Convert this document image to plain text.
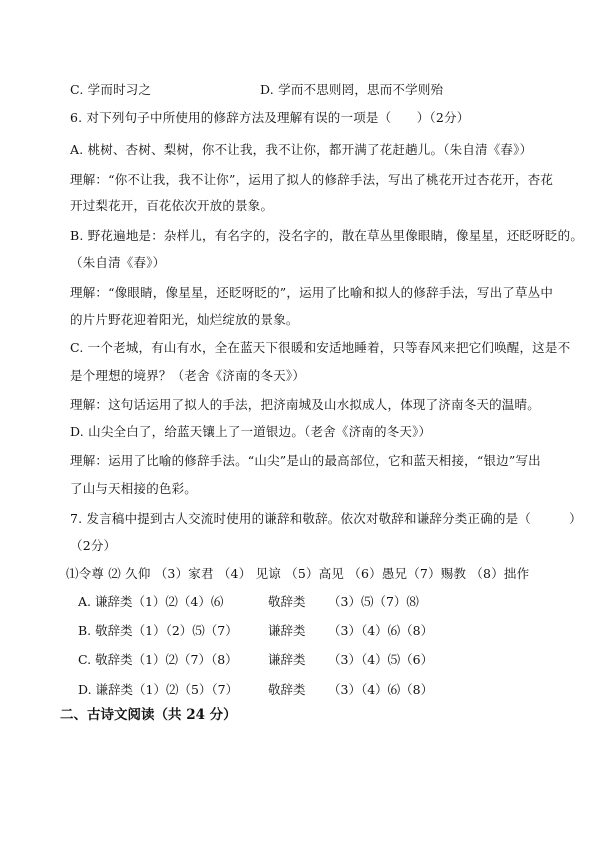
C. 学而时习之	D. 学而不思则罔，思而不学则殆
6. 对下列句子中所使用的修辞方法及理解有误的一项是（　　）（2分）
A. 桃树、杏树、梨树，你不让我，我不让你，都开满了花赶趟儿。（朱自清《春》）
理解：“你不让我，我不让你”，运用了拟人的修辞手法，写出了桃花开过杏花开，杏花
开过梨花开，百花依次开放的景象。
B. 野花遍地是：杂样儿，有名字的，没名字的，散在草丛里像眼睛，像星星，还眨呀眨的。
（朱自清《春》）
理解：“像眼睛，像星星，还眨呀眨的”，运用了比喻和拟人的修辞手法，写出了草丛中
的片片野花迎着阳光，灿烂绽放的景象。
C. 一个老城，有山有水，全在蓝天下很暖和安适地睡着，只等春风来把它们唤醒，这是不
是个理想的境界？（老舍《济南的冬天》）
理解：这句话运用了拟人的手法，把济南城及山水拟成人，体现了济南冬天的温晴。
D. 山尖全白了，给蓝天镶上了一道银边。（老舍《济南的冬天》）
理解：运用了比喻的修辞手法。“山尖”是山的最高部位，它和蓝天相接，“银边”写出
了山与天相接的色彩。
7. 发言稿中提到古人交流时使用的谦辞和敬辞。依次对敬辞和谦辞分类正确的是（　　　）
（2分）
⑴令尊 ⑵ 久仰 （3）家君 （4） 见谅 （5）高见 （6）愚兄（7）赐教 （8）拙作
A. 谦辞类（1）⑵（4）⑹	敬辞类 （3）⑸（7）⑻
B. 敬辞类（1）（2）⑸（7） 谦辞类 （3）（4）⑹（8）
C. 敬辞类（1）⑵（7）（8） 谦辞类 （3）（4）⑸（6）
D. 谦辞类（1）⑵（5）（7） 敬辞类 （3）（4）⑹（8）
二、古诗文阅读（共 24 分）
